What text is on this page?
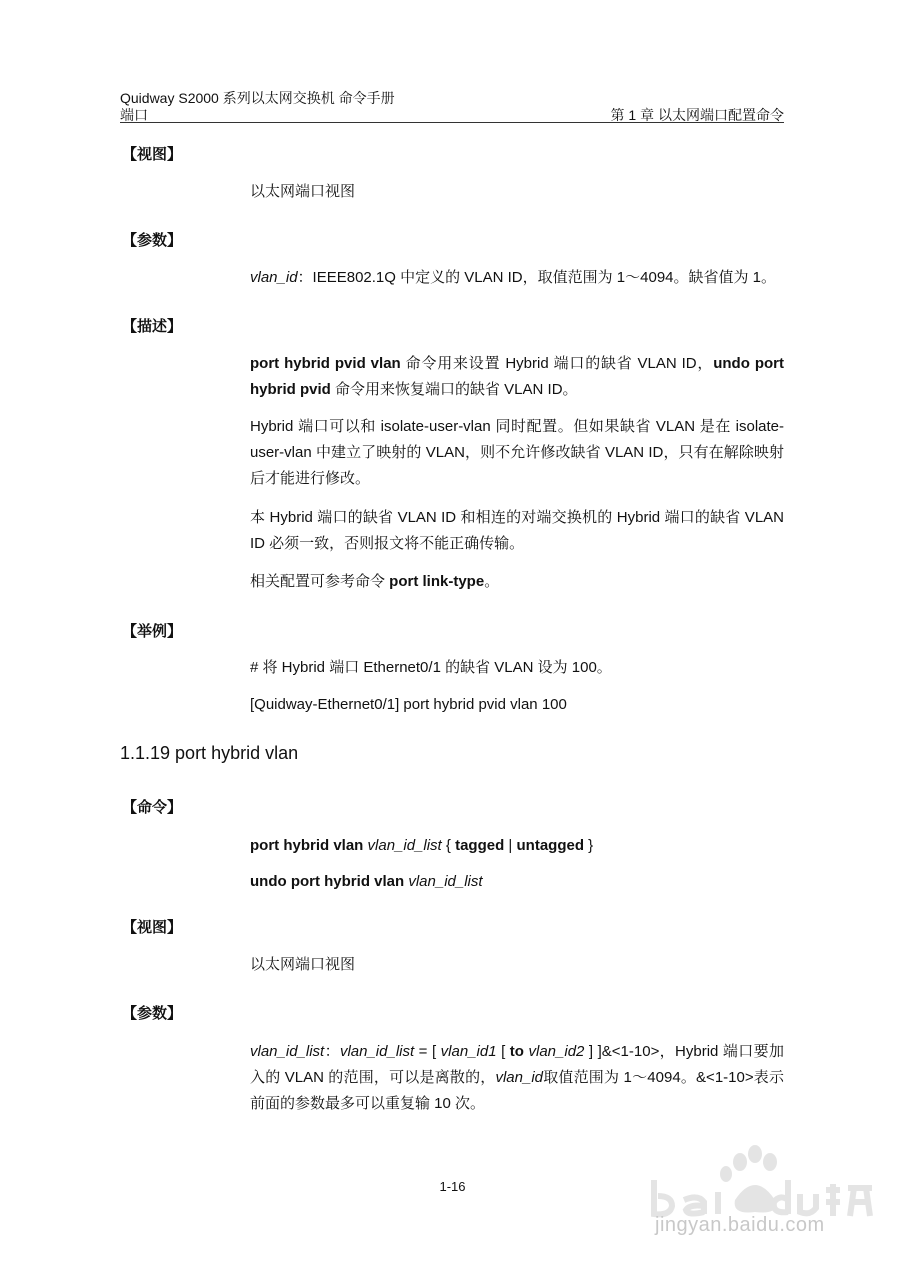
Quidway S2000 系列以太网交换机 命令手册
端口	第 1 章 以太网端口配置命令
【视图】
以太网端口视图
【参数】
vlan_id：IEEE802.1Q 中定义的 VLAN ID，取值范围为 1～4094。缺省值为 1。
【描述】
port hybrid pvid vlan 命令用来设置 Hybrid 端口的缺省 VLAN ID，undo port hybrid pvid 命令用来恢复端口的缺省 VLAN ID。
Hybrid 端口可以和 isolate-user-vlan 同时配置。但如果缺省 VLAN 是在 isolate-user-vlan 中建立了映射的 VLAN，则不允许修改缺省 VLAN ID，只有在解除映射后才能进行修改。
本 Hybrid 端口的缺省 VLAN ID 和相连的对端交换机的 Hybrid 端口的缺省 VLAN ID 必须一致，否则报文将不能正确传输。
相关配置可参考命令 port link-type。
【举例】
# 将 Hybrid 端口 Ethernet0/1 的缺省 VLAN 设为 100。
[Quidway-Ethernet0/1] port hybrid pvid vlan 100
1.1.19 port hybrid vlan
【命令】
port hybrid vlan vlan_id_list { tagged | untagged }
undo port hybrid vlan vlan_id_list
【视图】
以太网端口视图
【参数】
vlan_id_list：vlan_id_list = [ vlan_id1 [ to vlan_id2 ] ]&<1-10>，Hybrid 端口要加入的 VLAN 的范围，可以是离散的，vlan_id取值范围为 1～4094。&<1-10>表示前面的参数最多可以重复输 10 次。
1-16
jingyan.baidu.com
